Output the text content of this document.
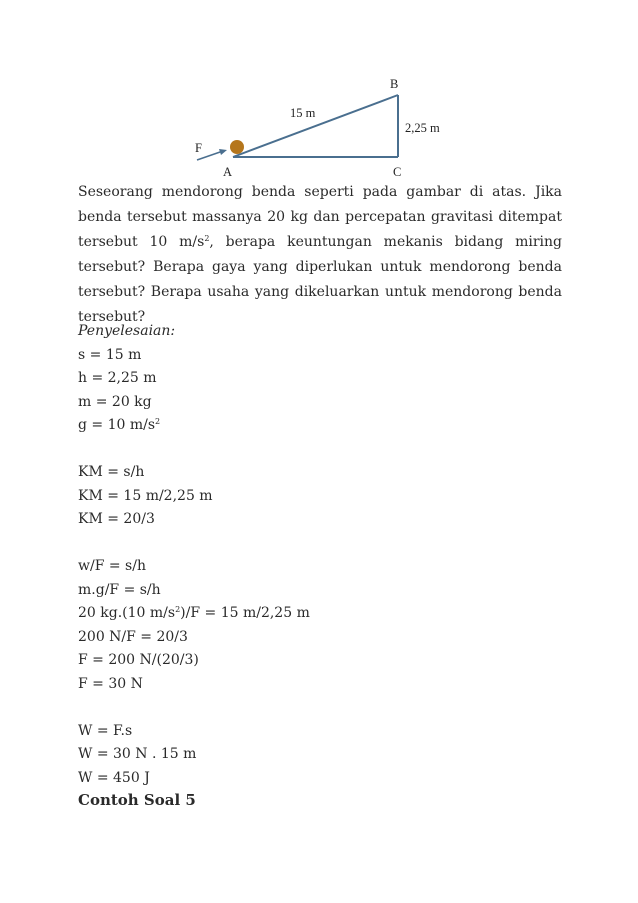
15 m
2,25 m
F
A
B
C

Seseorang mendorong benda seperti pada gambar di atas. Jika benda tersebut massanya 20 kg dan percepatan gravitasi ditempat tersebut 10 $m/s^2$, berapa keuntungan mekanis bidang miring tersebut? Berapa gaya yang diperlukan untuk mendorong benda tersebut? Berapa usaha yang dikeluarkan untuk mendorong benda tersebut?

Penyelesaian:
s = 15 m
h = 2,25 m
m = 20 kg
g = 10 $m/s^2$
KM = s/h
KM = 15 m/2,25 m
KM = 20/3
w/F = s/h
m.g/F = s/h
20 kg.(10 $m/s^2)/F = 15$ m/2,25 m
200 N/F = 20/3
F = 200 N/(20/3)
F = 30 N
W = F.s
W = 30 N . 15 m
W = 450 J

Contoh Soal 5
